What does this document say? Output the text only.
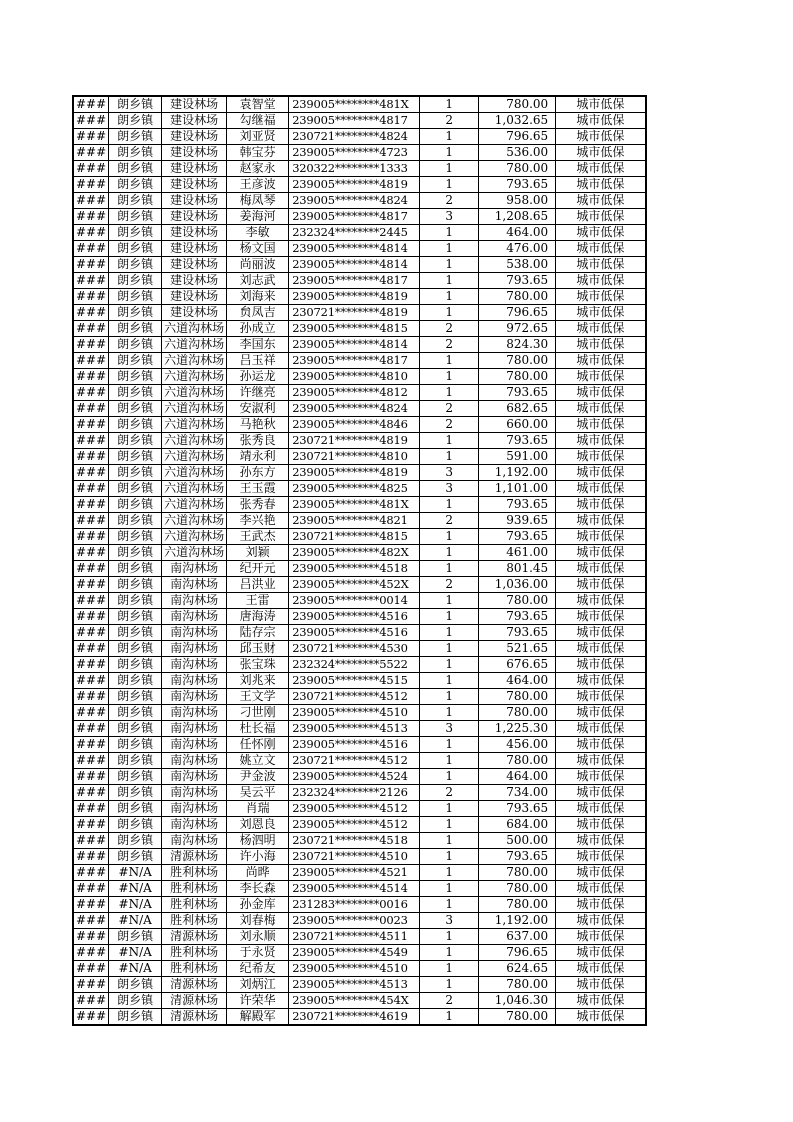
###	朗乡镇	建设林场	袁智堂	239005********481X	1	780.00	城市低保
###	朗乡镇	建设林场	勾继福	239005********4817	2	1,032.65	城市低保
###	朗乡镇	建设林场	刘亚贤	230721********4824	1	796.65	城市低保
###	朗乡镇	建设林场	韩宝芬	239005********4723	1	536.00	城市低保
###	朗乡镇	建设林场	赵家永	320322********1333	1	780.00	城市低保
###	朗乡镇	建设林场	王彦波	239005********4819	1	793.65	城市低保
###	朗乡镇	建设林场	梅凤琴	239005********4824	2	958.00	城市低保
###	朗乡镇	建设林场	姜海河	239005********4817	3	1,208.65	城市低保
###	朗乡镇	建设林场	李敏	232324********2445	1	464.00	城市低保
###	朗乡镇	建设林场	杨文国	239005********4814	1	476.00	城市低保
###	朗乡镇	建设林场	尚丽波	239005********4814	1	538.00	城市低保
###	朗乡镇	建设林场	刘志武	239005********4817	1	793.65	城市低保
###	朗乡镇	建设林场	刘海来	239005********4819	1	780.00	城市低保
###	朗乡镇	建设林场	贠凤吉	230721********4819	1	796.65	城市低保
###	朗乡镇	六道沟林场	孙成立	239005********4815	2	972.65	城市低保
###	朗乡镇	六道沟林场	李国东	239005********4814	2	824.30	城市低保
###	朗乡镇	六道沟林场	吕玉祥	239005********4817	1	780.00	城市低保
###	朗乡镇	六道沟林场	孙运龙	239005********4810	1	780.00	城市低保
###	朗乡镇	六道沟林场	许继亮	239005********4812	1	793.65	城市低保
###	朗乡镇	六道沟林场	安淑利	239005********4824	2	682.65	城市低保
###	朗乡镇	六道沟林场	马艳秋	239005********4846	2	660.00	城市低保
###	朗乡镇	六道沟林场	张秀良	230721********4819	1	793.65	城市低保
###	朗乡镇	六道沟林场	靖永利	230721********4810	1	591.00	城市低保
###	朗乡镇	六道沟林场	孙东方	239005********4819	3	1,192.00	城市低保
###	朗乡镇	六道沟林场	王玉霞	239005********4825	3	1,101.00	城市低保
###	朗乡镇	六道沟林场	张秀春	239005********481X	1	793.65	城市低保
###	朗乡镇	六道沟林场	李兴艳	239005********4821	2	939.65	城市低保
###	朗乡镇	六道沟林场	王武杰	230721********4815	1	793.65	城市低保
###	朗乡镇	六道沟林场	刘颖	239005********482X	1	461.00	城市低保
###	朗乡镇	南沟林场	纪开元	239005********4518	1	801.45	城市低保
###	朗乡镇	南沟林场	吕洪业	239005********452X	2	1,036.00	城市低保
###	朗乡镇	南沟林场	王雷	239005********0014	1	780.00	城市低保
###	朗乡镇	南沟林场	唐海涛	239005********4516	1	793.65	城市低保
###	朗乡镇	南沟林场	陆存宗	239005********4516	1	793.65	城市低保
###	朗乡镇	南沟林场	邱玉财	230721********4530	1	521.65	城市低保
###	朗乡镇	南沟林场	张宝珠	232324********5522	1	676.65	城市低保
###	朗乡镇	南沟林场	刘兆来	239005********4515	1	464.00	城市低保
###	朗乡镇	南沟林场	王文学	230721********4512	1	780.00	城市低保
###	朗乡镇	南沟林场	刁世刚	239005********4510	1	780.00	城市低保
###	朗乡镇	南沟林场	杜长福	239005********4513	3	1,225.30	城市低保
###	朗乡镇	南沟林场	任怀刚	239005********4516	1	456.00	城市低保
###	朗乡镇	南沟林场	姚立文	230721********4512	1	780.00	城市低保
###	朗乡镇	南沟林场	尹金波	239005********4524	1	464.00	城市低保
###	朗乡镇	南沟林场	吴云平	232324********2126	2	734.00	城市低保
###	朗乡镇	南沟林场	肖瑞	239005********4512	1	793.65	城市低保
###	朗乡镇	南沟林场	刘恩良	239005********4512	1	684.00	城市低保
###	朗乡镇	南沟林场	杨泗明	230721********4518	1	500.00	城市低保
###	朗乡镇	清源林场	许小海	230721********4510	1	793.65	城市低保
###	#N/A	胜利林场	尚晔	239005********4521	1	780.00	城市低保
###	#N/A	胜利林场	李长森	239005********4514	1	780.00	城市低保
###	#N/A	胜利林场	孙金库	231283********0016	1	780.00	城市低保
###	#N/A	胜利林场	刘春梅	239005********0023	3	1,192.00	城市低保
###	朗乡镇	清源林场	刘永顺	230721********4511	1	637.00	城市低保
###	#N/A	胜利林场	于永贤	239005********4549	1	796.65	城市低保
###	#N/A	胜利林场	纪希友	239005********4510	1	624.65	城市低保
###	朗乡镇	清源林场	刘炳江	239005********4513	1	780.00	城市低保
###	朗乡镇	清源林场	许荣华	239005********454X	2	1,046.30	城市低保
###	朗乡镇	清源林场	解殿军	230721********4619	1	780.00	城市低保
